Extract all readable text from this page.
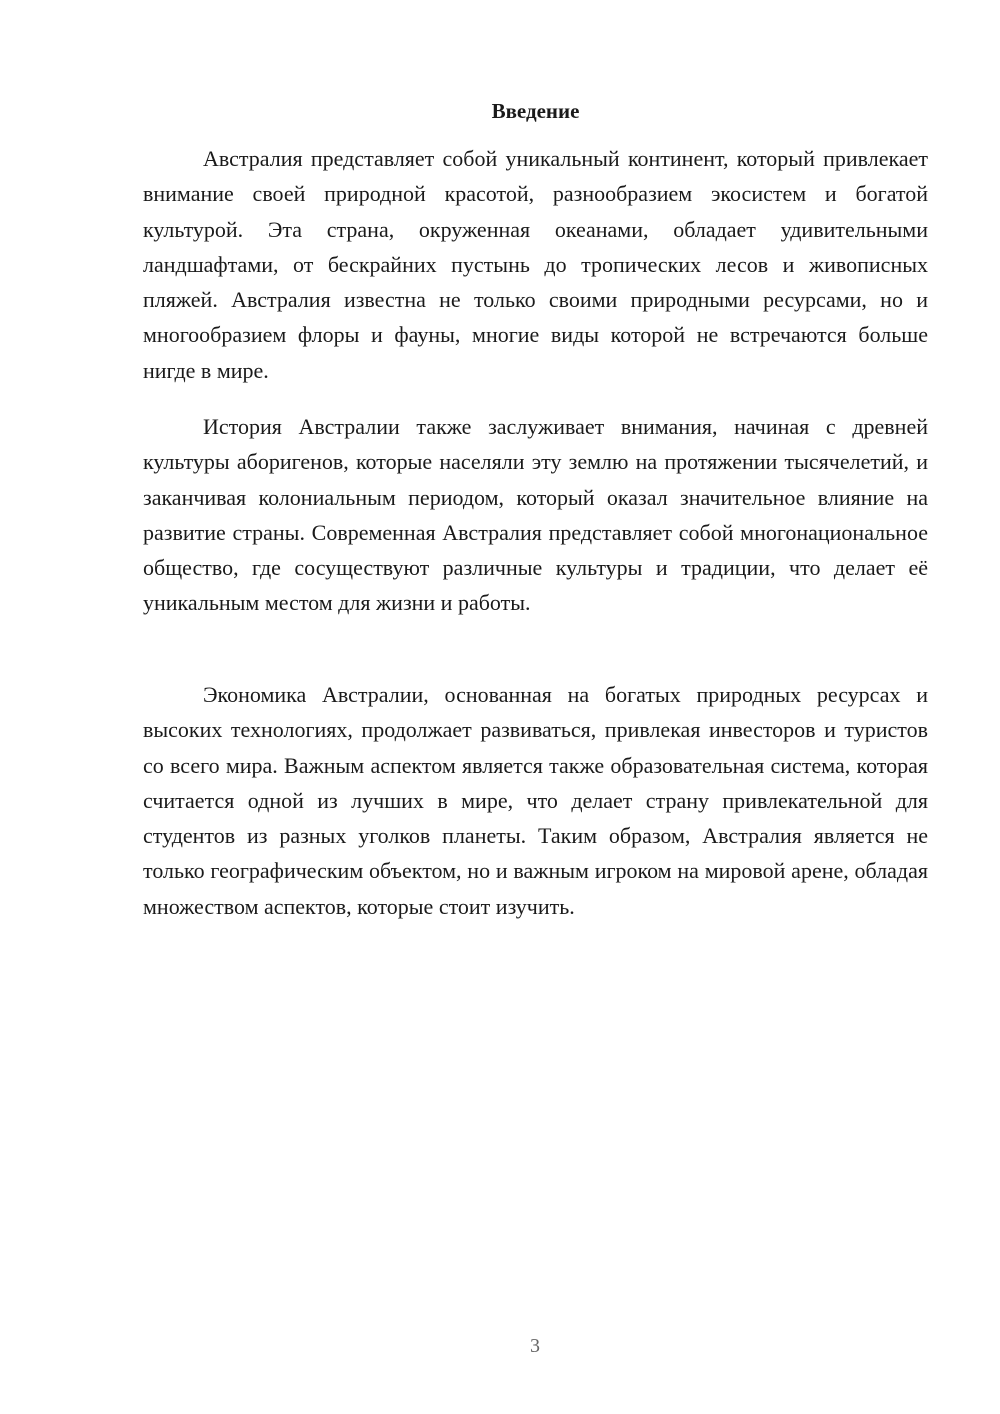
Введение

Австралия представляет собой уникальный континент, который привлекает внимание своей природной красотой, разнообразием экосистем и богатой культурой. Эта страна, окруженная океанами, обладает удивительными ландшафтами, от бескрайних пустынь до тропических лесов и живописных пляжей. Австралия известна не только своими природными ресурсами, но и многообразием флоры и фауны, многие виды которой не встречаются больше нигде в мире.

История Австралии также заслуживает внимания, начиная с древней культуры аборигенов, которые населяли эту землю на протяжении тысячелетий, и заканчивая колониальным периодом, который оказал значительное влияние на развитие страны. Современная Австралия представляет собой многонациональное общество, где сосуществуют различные культуры и традиции, что делает её уникальным местом для жизни и работы.

Экономика Австралии, основанная на богатых природных ресурсах и высоких технологиях, продолжает развиваться, привлекая инвесторов и туристов со всего мира. Важным аспектом является также образовательная система, которая считается одной из лучших в мире, что делает страну привлекательной для студентов из разных уголков планеты. Таким образом, Австралия является не только географическим объектом, но и важным игроком на мировой арене, обладая множеством аспектов, которые стоит изучить.

3
